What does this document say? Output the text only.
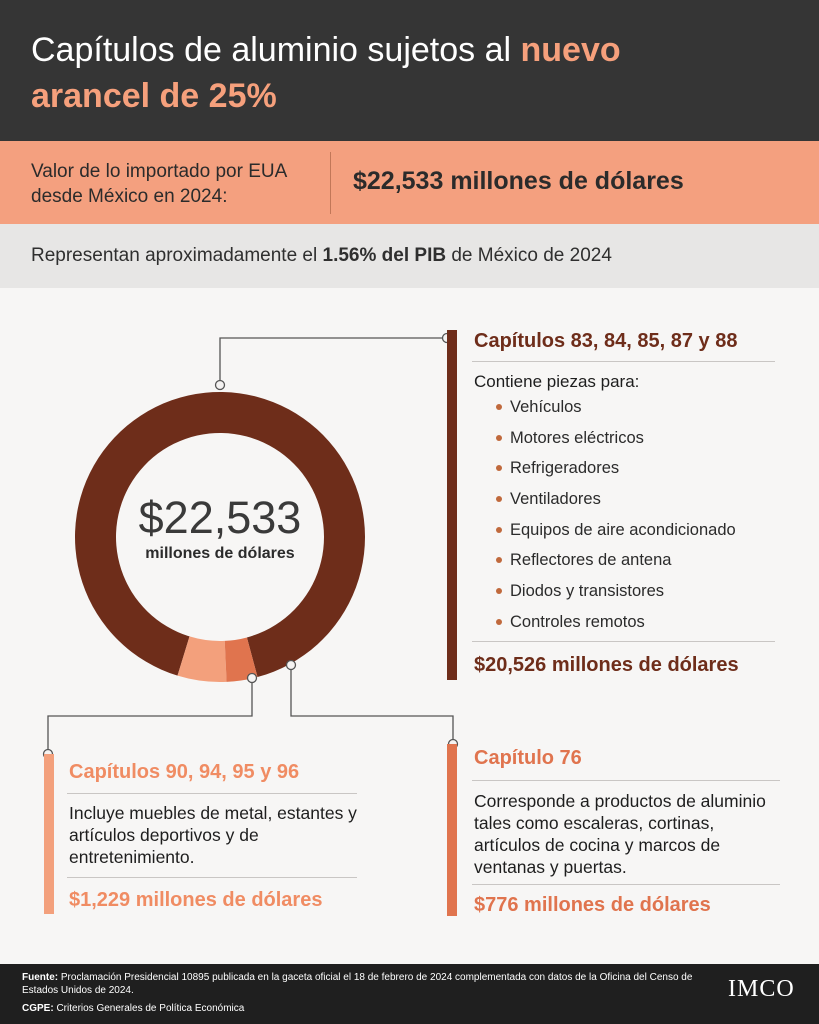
Capítulos de aluminio sujetos al nuevo
arancel de 25%
Valor de lo importado por EUA desde México en 2024:
$22,533 millones de dólares
Representan aproximadamente el 1.56% del PIB de México de 2024
$22,533
millones de dólares
Capítulos 83, 84, 85, 87 y 88
Contiene piezas para:
Vehículos
Motores eléctricos
Refrigeradores
Ventiladores
Equipos de aire acondicionado
Reflectores de antena
Diodos y transistores
Controles remotos
$20,526 millones de dólares
Capítulos 90, 94, 95 y 96
Incluye muebles de metal, estantes y artículos deportivos y de entretenimiento.
$1,229 millones de dólares
Capítulo 76
Corresponde a productos de aluminio tales como escaleras, cortinas, artículos de cocina y marcos de ventanas y puertas.
$776 millones de dólares
Fuente: Proclamación Presidencial 10895 publicada en la gaceta oficial el 18 de febrero de 2024 complementada con datos de la Oficina del Censo de Estados Unidos de 2024.
CGPE: Criterios Generales de Política Económica
IMCO
